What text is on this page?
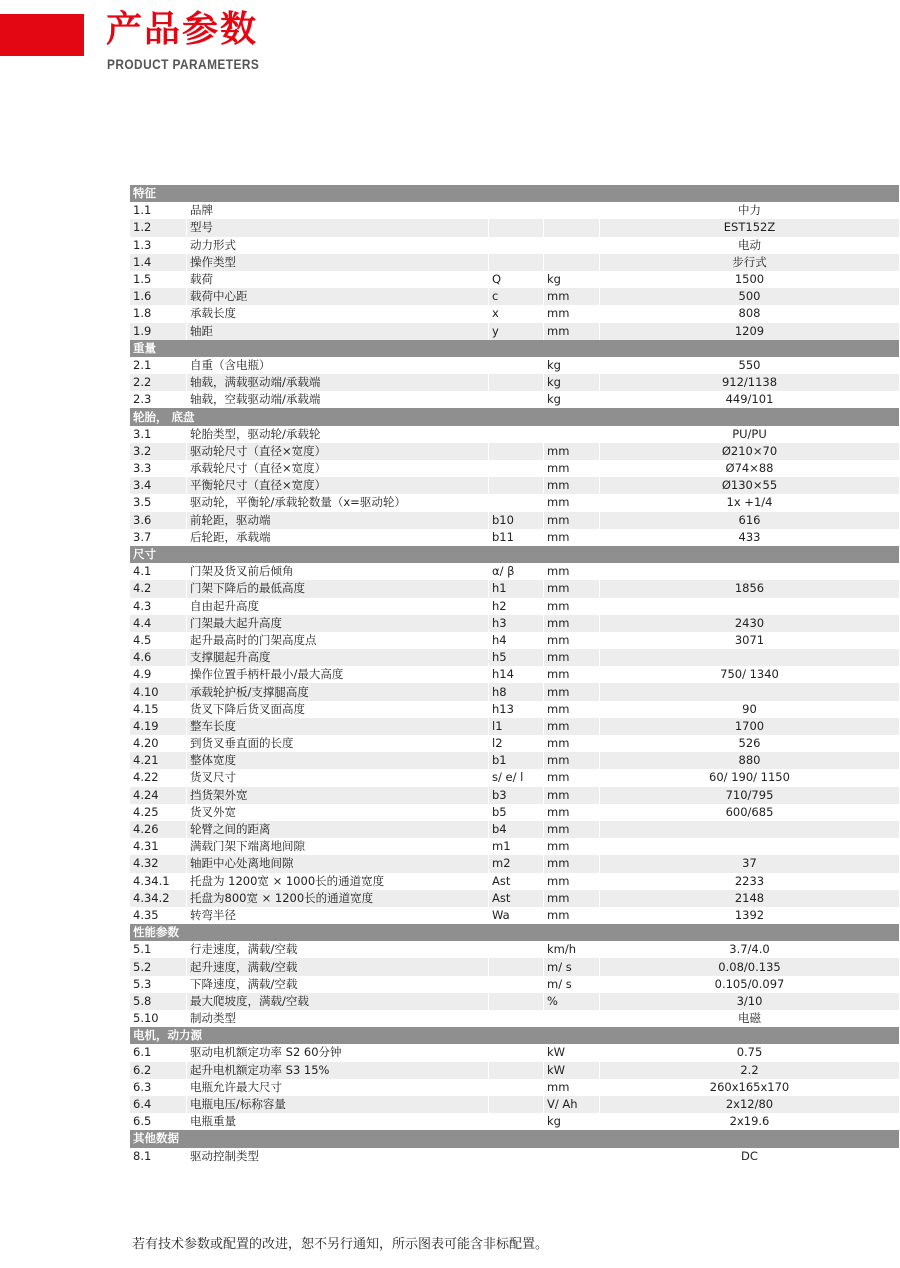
产品参数
PRODUCT PARAMETERS
特征				
1.1	品牌			中力
1.2	型号			EST152Z
1.3	动力形式			电动
1.4	操作类型			步行式
1.5	载荷	Q	kg	1500
1.6	载荷中心距	c	mm	500
1.8	承载长度	x	mm	808
1.9	轴距	y	mm	1209
重量				
2.1	自重（含电瓶）		kg	550
2.2	轴载，满载驱动端/承载端		kg	912/1138
2.3	轴载，空载驱动端/承载端		kg	449/101
轮胎， 底盘				
3.1	轮胎类型，驱动轮/承载轮			PU/PU
3.2	驱动轮尺寸（直径×宽度）		mm	Ø210×70
3.3	承载轮尺寸（直径×宽度）		mm	Ø74×88
3.4	平衡轮尺寸（直径×宽度）		mm	Ø130×55
3.5	驱动轮，平衡轮/承载轮数量（x=驱动轮）		mm	1x +1/4
3.6	前轮距，驱动端	b10	mm	616
3.7	后轮距，承载端	b11	mm	433
尺寸				
4.1	门架及货叉前后倾角	α/ β	mm	
4.2	门架下降后的最低高度	h1	mm	1856
4.3	自由起升高度	h2	mm	
4.4	门架最大起升高度	h3	mm	2430
4.5	起升最高时的门架高度点	h4	mm	3071
4.6	支撑腿起升高度	h5	mm	
4.9	操作位置手柄杆最小/最大高度	h14	mm	750/ 1340
4.10	承载轮护板/支撑腿高度	h8	mm	
4.15	货叉下降后货叉面高度	h13	mm	90
4.19	整车长度	l1	mm	1700
4.20	到货叉垂直面的长度	l2	mm	526
4.21	整体宽度	b1	mm	880
4.22	货叉尺寸	s/ e/ l	mm	60/ 190/ 1150
4.24	挡货架外宽	b3	mm	710/795
4.25	货叉外宽	b5	mm	600/685
4.26	轮臂之间的距离	b4	mm	
4.31	满载门架下端离地间隙	m1	mm	
4.32	轴距中心处离地间隙	m2	mm	37
4.34.1	托盘为 1200宽 × 1000长的通道宽度	Ast	mm	2233
4.34.2	托盘为800宽 × 1200长的通道宽度	Ast	mm	2148
4.35	转弯半径	Wa	mm	1392
性能参数				
5.1	行走速度，满载/空载		km/h	3.7/4.0
5.2	起升速度，满载/空载		m/ s	0.08/0.135
5.3	下降速度，满载/空载		m/ s	0.105/0.097
5.8	最大爬坡度，满载/空载		%	3/10
5.10	制动类型			电磁
电机，动力源				
6.1	驱动电机额定功率 S2 60分钟		kW	0.75
6.2	起升电机额定功率 S3 15%		kW	2.2
6.3	电瓶允许最大尺寸		mm	260x165x170
6.4	电瓶电压/标称容量		V/ Ah	2x12/80
6.5	电瓶重量		kg	2x19.6
其他数据				
8.1	驱动控制类型			DC
若有技术参数或配置的改进，恕不另行通知，所示图表可能含非标配置。
